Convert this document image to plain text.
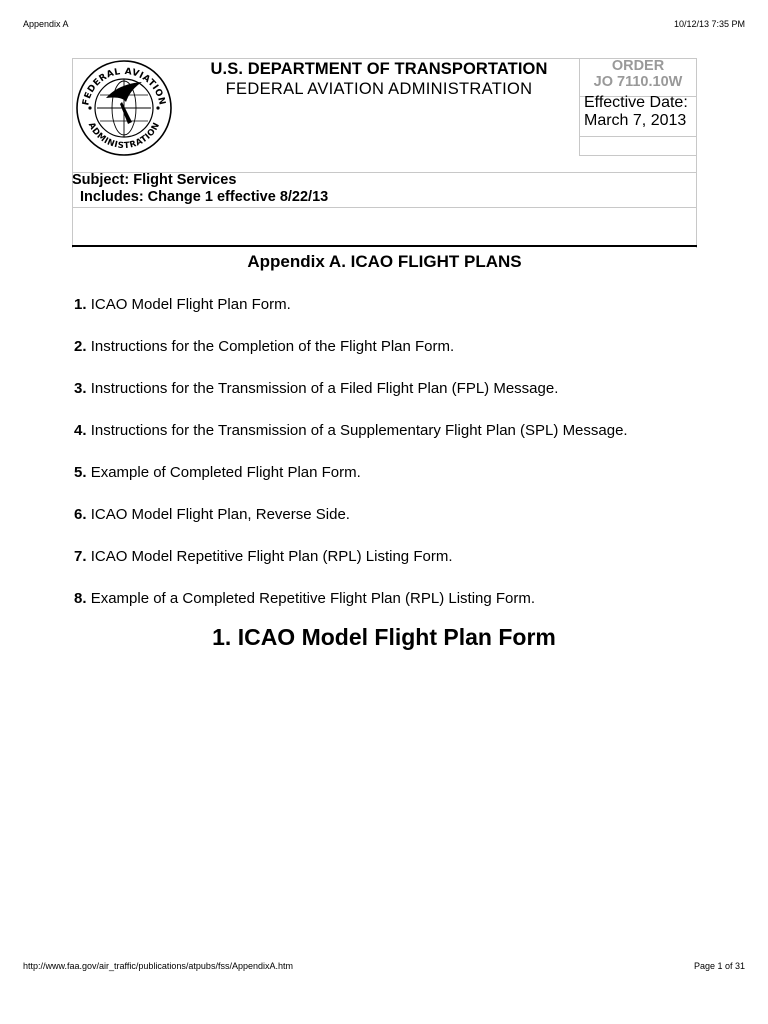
Appendix A	10/12/13 7:35 PM
FEDERAL AVIATION
ADMINISTRATION
U.S. DEPARTMENT OF TRANSPORTATION
FEDERAL AVIATION ADMINISTRATION
ORDER
JO 7110.10W
Effective Date:
March 7, 2013
Subject: Flight Services
Includes: Change 1 effective 8/22/13
Appendix A. ICAO FLIGHT PLANS
1. ICAO Model Flight Plan Form.
2. Instructions for the Completion of the Flight Plan Form.
3. Instructions for the Transmission of a Filed Flight Plan (FPL) Message.
4. Instructions for the Transmission of a Supplementary Flight Plan (SPL) Message.
5. Example of Completed Flight Plan Form.
6. ICAO Model Flight Plan, Reverse Side.
7. ICAO Model Repetitive Flight Plan (RPL) Listing Form.
8. Example of a Completed Repetitive Flight Plan (RPL) Listing Form.
1. ICAO Model Flight Plan Form
http://www.faa.gov/air_traffic/publications/atpubs/fss/AppendixA.htm	Page 1 of 31
